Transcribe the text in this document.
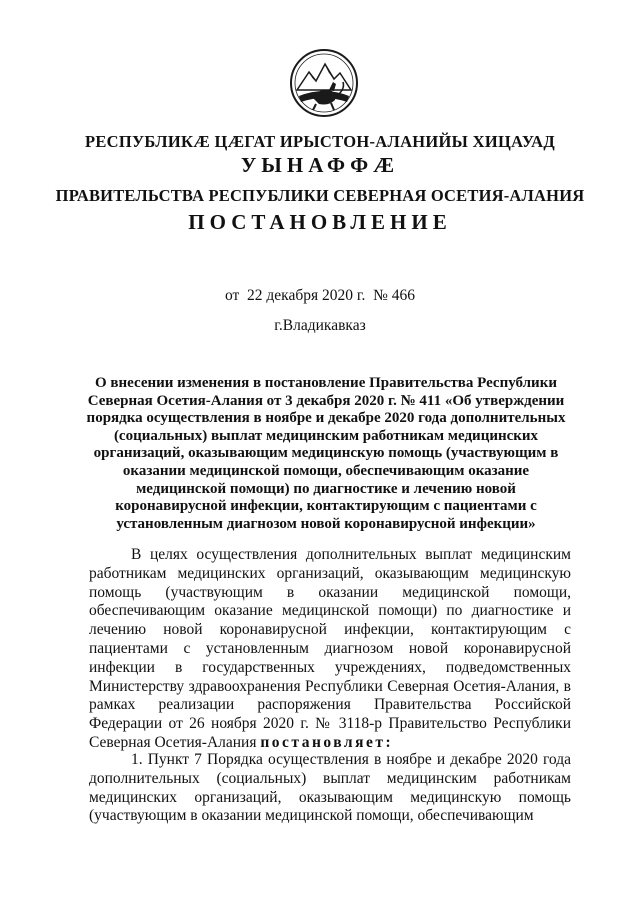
РЕСПУБЛИКӔ ЦӔГАТ ИРЫСТОН-АЛАНИЙЫ ХИЦАУАД
УЫНАФФӔ
ПРАВИТЕЛЬСТВА РЕСПУБЛИКИ СЕВЕРНАЯ ОСЕТИЯ-АЛАНИЯ
ПОСТАНОВЛЕНИЕ
от  22 декабря 2020 г.  № 466
г.Владикавказ
О внесении изменения в постановление Правительства Республики Северная Осетия-Алания от 3 декабря 2020 г. № 411 «Об утверждении порядка осуществления в ноябре и декабре 2020 года дополнительных (социальных) выплат медицинским работникам медицинских организаций, оказывающим медицинскую помощь (участвующим в оказании медицинской помощи, обеспечивающим оказание медицинской помощи) по диагностике и лечению новой коронавирусной инфекции, контактирующим с пациентами с установленным диагнозом новой коронавирусной инфекции»
В целях осуществления дополнительных выплат медицинским работникам медицинских организаций, оказывающим медицинскую помощь (участвующим в оказании медицинской помощи, обеспечивающим оказание медицинской помощи) по диагностике и лечению новой коронавирусной инфекции, контактирующим с пациентами с установленным диагнозом новой коронавирусной инфекции в государственных учреждениях, подведомственных Министерству здравоохранения Республики Северная Осетия-Алания, в рамках реализации распоряжения Правительства Российской Федерации от 26 ноября 2020 г. № 3118-р Правительство Республики Северная Осетия-Алания постановляет:
1. Пункт 7 Порядка осуществления в ноябре и декабре 2020 года дополнительных (социальных) выплат медицинским работникам медицинских организаций, оказывающим медицинскую помощь (участвующим в оказании медицинской помощи, обеспечивающим
